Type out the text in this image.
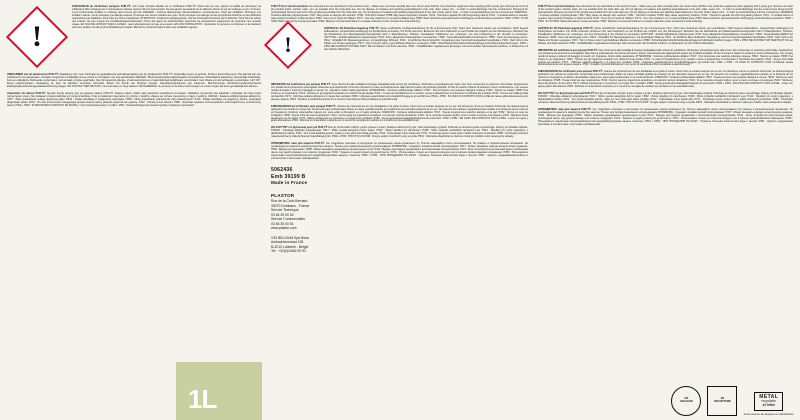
!
DURCISSEUR du vitrificateur parquets PUR-T®. Voir mode d'emploi détaillé sur le vitrificateur PUR-T®. Dans tous les cas, ajouter la totalité du durcisseur au vitrificateur. Bien mélanger les 2 composants et laisser reposer 10 min avant emploi. Ne pas ajouter de solvants ou de diluants. Durée de vie du mélange en pot : 2 heures. Il est recommandé d'utiliser le mélange dans l'heure qui suit. DANGER : Contient diisocyanate d'hexaméthylène, homopolymère. Nocif par inhalation. Provoque une irritation cutanée. Peut provoquer une allergie cutanée. Provoque une sévère irritation des yeux. Peut provoquer une allergie ou des symptômes d'asthme ou des difficultés respiratoires par inhalation. Peut irriter les voies respiratoires. ATTENTION : Contient du polyisocyanate. Voir les informations fournies par le fabricant. Tenir hors de portée des enfants. Ne pas respirer les brouillards/vapeurs/aérosols. Porter des gants de protection/des vêtements de protection/un équipement de protection des yeux/du visage. EN CAS DE CONTACT AVEC LA PEAU : laver abondamment à l'eau et au savon. EN CAS D'INHALATION : transporter la personne à l'extérieur et la maintenir dans une position où elle peut confortablement respiler. Éliminer le contenu/récipient dans une installation agréée.
VERHARDER van de parketvernis PUR-T®. Raadpleeg voor meer informatie de gedetailleerde gebruiksaanwijzing van het parketvernis PUR-T®. Zorgvuldig roeren op gebruik. Product wordt stoleerveer. Het gebruik van een verfpistool is niet aangeraden. Verwijder na gebruik onmiddellijk met een zacht en vervolgens met een oplosmiddel. GEVAAR : Bevat hexamethyleendiisocyanaat, homopolymeer. Schadelijk bij inademing. Veroorzaakt huidirritatie. Kan een allergische huidreactie veroorzaken. Veroorzaakt ernstige oogirritatie. Kan bij inademing allergie- of astmasymptomen of ademhalingsmoeilijkheden veroorzaken. Kan irritatie van de luchtwegen veroorzaken. LET OP : Bevat polyisocyanaten. Raadpleeg de door de fabrikant verstrekte informatie. Buiten het bereik van kinderen houden. Nevel/damp/spuitnevel niet inademen. Beschermende handschoenen/beschermende kleding/oogbescherming/gelaatsbescherming dragen. BIJ CONTACT MET DE HUID : met veel water en zeep wassen. NA INADEMING : de persoon in de frisse lucht brengen en ervoor zorgen dat deze gemakkelijk kan ademen.
Utwardzacz do lakieru PUR-T®. Sposób użycia opisany jest na etykiecie lakieru PUR-T®. Zawsze należy dodać całą zawartość utwardzacza do lakieru. Dokładnie wymieszać oba składniki i odczekać 10 minut przed rozpoczęciem pracy. Nie dodawać rozpuszczalników ani rozcieńczalników. Czas przydatności mieszaniny do użycia: 2 godziny. Zaleca się zużycie mieszaniny w ciągu 1 godziny. UWAGA : Zawiera polidiizocyjanian alifatyczny. H317 : Może powodować reakcję alergiczną skóry. H332 : Działa szkodliwie w następstwie wdychania. H335 : Może powodować podrażnienie dróg oddechowych. H412 : Działa szkodliwie na organizmy wodne, powodując długotrwałe skutki. P101 : W razie konieczności zasięgnięcia porady lekarza należy pokazać pojemnik lub etykietę. P102 : Chronić przed dziećmi. P280 : Stosować rękawice ochronne/odzież ochronną/ochronę oczu/ochronę twarzy. P302 + P352 : W PRZYPADKU KONTAKTU ZE SKÓRĄ : Umyć dużą ilością wody z mydłem. P501 : Zawartość/pojemnik usuwać zgodnie z krajowymi przepisami.
PUR-T® floor varnish hardener. See directions for use described on the section A resin. - Make sure you close carefully after use. Never store half flat. Use protective equipment when applying with a spray gun. Remove as much of the product (paint, varnish, stain, etc.) as possible from the tools after use. Do not dispose of residues and washing water/solvents in the sink, toilet, sewer, bin... in order to avoid discharge into the environment. Reserved for professionals. Remove as much of the product as possible from the tools after use. Do not dispose of residues and washing water/solvents in the sink, bowls, lawns, bins... in order to avoid discharge into the environment. WARNING : Contains aliphatic polyisocyanate. H317: May cause an allergic skin reaction. H332 : Harmful if inhaled. H335: May cause respiratory irritation. H412 : Harmful to aquatic life with long lasting effects. P101 : If medical advice is needed, have product container or label at hand. P102 : Keep out of reach of children. P271 : Use only outdoors or in a well-ventilated area. P280: Wear protective gloves/protective clothing/eye protection/face protection. P302 + P352 : IF ON SKIN: Wash with plenty of soap and water. P501: Dispose of contents/container to a waste collection center (contact the local authority).
!
HÄRTER für 2K-Parkettversiegelung PUR-T®. Siehe ausführliche Gebrauchsanleitung für die A-Komponente Harz. Nach dem Gebrauch wieder gut verschließen. Nicht liegend aufbewahren. Ungeschützte Auftragung mit Spritzpistole vermeiden. Für Profis reserviert. Entfernen Sie nach Gebrauch so viel Produkt wie möglich von den Werkzeugen. Befreiten Sie die Rückstände und Waschwasser/Lösungsmittel nicht in Waschbecken, Toiletten, Kanalisation, Mülltonnen etc. entsorgen, um eine Freisetzung in die Umwelt zu vermeiden. ACHTUNG : Enthält aliphatische polyisocyanat. H317: Kann allergische Hautreaktionen verursachen. H332 : Gesundheitsschädlich bei Einatmen. H335 : Kann die Atemwege reizen. H412 : Schädlich für Wasserorganismen, mit langfristiger Wirkung. P101 : Ist ärztlicher Rat erforderlich, Verpackung oder Kennzeichnungsetikett bereithalten. P102 : Darf nicht in die Hände von Kindern gelangen. P271 : Nur im Freien oder in gut belüfteten Räumen verwenden. P280 : Schutzhandschuhe/Schutzkleidung/Augenschutz/Gesichtsschutz tragen. P302 + P352: BEI KONTAKT MIT DER HAUT: Mit viel Wasser und Seife waschen. P501 : Inhalt/Behälter zugelassenen Entsorger oder kommunaler Sammelstelle zuführen, in Absprache mit den örtlichen Behörden.
INDURENTE del vetrificatore per parquet PUR-T®. Fare riferimento alla modalità di impiego dettagliata sulla resina (A) vetrificante. Richiudere scrupolosamente dopo l'uso. Non conservare in posizione orizzontale. Applicazione con pistola senza protezione sconsigliata. Riservato ai professionisti. Al termine del lavoro, levare meccanicamente dagli utensili quanto più prodotto possibile. Al fine di evitare il rilascio di sostanze nocive nell'ambiente, non versare residui di acqua o solventi di lavaggio in lavelli, wc, fognature, bidoni della spazzatura. ATTENZIONE : Contiene poliisocianato alifatico. H317 : Può provocare una reazione allergica cutanea. H332 : Nocivo se inalato. H335: Può irritare le vie respiratorie. H412 : Nocivo per gli organismi acquatici con effetti di lunga durata. P101 : In caso di consultazione di un medico, tenere a disposizione il contenitore o l'etichetta del prodotto. P102 : Tenere fuori dalla portata dei bambini. P271 : Utilizzare soltanto all'aperto o in luogo ben ventilato. P280 : Indossare guanti/indumenti protettivi/Proteggere gli occhi/il viso. P302 + P352 : IN CASO DI CONTATTO CON LA PELLE: lavare abbondantemente con acqua e sapone. P501 : Smaltire il prodotto/recipiente in un centro di raccolta dei rifiuti (contattare le autorità locali).
ENDURECEDOR del vitrificador para parquet PUR-T®. Véanse las instrucciones de uso detalladas en la parte A resina. Cierre bien el envase después de su uso. No almacene nunca en posición horizontal. Se desaconseja la aplicación con pistola sin protección. Reservado para profesionales. Retire la mayor cantidad posible de producto de los utensilios después de su uso. No deseche los residuos, agua/disolventes usados en la limpieza de los mismos en fregaderos, inodoros, alcantarillas, basura etc. para evitar su liberación en el medio ambiente. ATENCIÓN : Contiene poliisocianato alifático. H317 : Puede provocar una reacción alérgica en la piel. H332 : Nocivo en caso de inhalación. H335 : Puede irritar las vías respiratorias. H412 : Nocivo para los organismos acuáticos, con efectos nocivos duraderos. P101 : Si se necesita consejo médico, tener a mano el envase o la etiqueta. P102 : Mantener fuera del alcance de los niños. P271: Utilizar únicamente en exteriores o en lugar bien ventilado. P280 : Llevar guantes/prendas/gafas/máscara de protección. P302 + P352 : EN CASO DE CONTACTO CON LA PIEL : Lavar con agua y jabón abundantes. P501 : Eliminar el contenido/el recipiente en un centro de recogida de residuos (en contacto con la autoridad local).
ZKLYHPYTNÝ roz (kyrwzoué) epox pul PUR-T® Duo ZL /omtinuzátc cchlyizt; gotinu yzkuas o prujsn, Kladinis vokid avzt lyi pytu, Váš intelektuálne výrobok. Pulizzate po ukončení práce nepoužívajte. Pokyny pro likvidaci odpadu. POZOR : Obsahuje alifatický polyisokyanát. H317 : Může vyvolat alergickou kožní reakci. H332 : Zdraví škodlivý při vdechování. H335 : Může způsobit podráždění dýchacích cest. H412 : Škodlivý pro vodní organismy, s dlouhodobými účinky. P101 : Je-li nutná lékařská pomoc, mějte po ruce obal nebo štítek výrobku. P102 : Uchovávejte mimo dosah dětí. P271 : Používejte pouze venku nebo v dobře větraných prostorách. P280 : Používejte ochranné rukavice/ochranný oděv/ochranné brýle/obličejový štít. P302 + P352 : PŘI STYKU S KŮŽÍ : Omyjte velkým množstvím vody a mýdla. P501 : Odstraňte obsah/obal ve sběrném místě pro zvláštní nebo nebezpečné odpady.
ОТВЕРДИТЕЛЬ лака для паркета PUR-T®. См. подробное описание в инструкции по применению смолы (компонент А). Плотно закрывайте после использования. Не хранить в горизонтальном положении. Не рекомендуется наносить краскопультом без защиты. Только для профессионального использования. ВНИМАНИЕ : Содержит алифатический полиизоцианат. H317 : Может вызывать кожную аллергическую реакцию. H332 : Вреден при вдыхании. H335 : Может вызывать раздражение дыхательных путей. H412 : Вреден для водных организмов с долгосрочными последствиями. P101 : Если потребуется консультация врача, необходимо иметь под рукой упаковку или этикетку продукции. P102 : Хранить в недоступном для детей месте. P271 : Использовать только на открытом воздухе или в хорошо проветриваемом помещении. P280 : Пользоваться защитными перчатками/защитной одеждой/средствами защиты глаз/лица. P302 + P352 : ПРИ ПОПАДАНИИ НА КОЖУ : Промыть большим количеством воды с мылом. P501 : Удалить содержимое/контейнер в соответствии с местными требованиями.
5062436
Emb 39199 B
Made in France
PLASTOR
Rue de la Croix Bernard
39270 Dombans - France
Service Technique
03 84 35 00 50
Service Commerciales
03 84 35 00 51
www.plastor.com
V33 BELGIUM Sprl Bvba
Ambachtenstraat 11B
B-3210 Lubbeek - België
Tel : +32(0)16/62.92.92
PUR-T® floor varnish hardener. See directions for use described on the section A resin. - Make sure you close carefully after use. Never store half flat. Use protective equipment when applying with a spray gun. Remove as much of the product (paint, varnish, stain, etc.) as possible from the tools after use. Do not dispose of residues and washing water/solvents in the sink, toilet, sewer, bin... in order to avoid discharge into the environment. Reserved for professionals. Remove as much of the product as possible from the tools after use. Do not dispose of residues and washing water/solvents in the sink, bowls, lawns, bins... in order to avoid discharge into the environment. WARNING : Contains aliphatic polyisocyanate. H317: May cause an allergic skin reaction. H332 : Harmful if inhaled. H335: May cause respiratory irritation. H412 : Harmful to aquatic life with long lasting effects. P101 : If medical advice is needed, have product container or label at hand. P102 : Keep out of reach of children. P271 : Use only outdoors or in a well-ventilated area. P280: Wear protective gloves/protective clothing/eye protection/face protection. P302 + P352 : IF ON SKIN: Wash with plenty of soap and water. P501: Dispose of contents/container to a waste collection center (contact the local authority).
HÄRTER für 2K-Parkettversiegelung PUR-T®. Siehe ausführliche Gebrauchsanleitung für die A-Komponente Harz. Nach dem Gebrauch wieder gut verschließen. Nicht liegend aufbewahren. Ungeschützte Auftragung mit Spritzpistole vermeiden. Für Profis reserviert. Entfernen Sie nach Gebrauch so viel Produkt wie möglich von den Werkzeugen. Befreiten Sie die Rückstände und Waschwasser/Lösungsmittel nicht in Waschbecken, Toiletten, Kanalisation, Mülltonnen etc. entsorgen, um eine Freisetzung in die Umwelt zu vermeiden. ACHTUNG : Enthält aliphatische polyisocyanat. H317: Kann allergische Hautreaktionen verursachen. H332 : Gesundheitsschädlich bei Einatmen. H335 : Kann die Atemwege reizen. H412 : Schädlich für Wasserorganismen, mit langfristiger Wirkung. P101 : Ist ärztlicher Rat erforderlich, Verpackung oder Kennzeichnungsetikett bereithalten. P102 : Darf nicht in die Hände von Kindern gelangen. P271 : Nur im Freien oder in gut belüfteten Räumen verwenden. P280 : Schutzhandschuhe/Schutzkleidung/Augenschutz/Gesichtsschutz tragen. P302 + P352: BEI KONTAKT MIT DER HAUT: Mit viel Wasser und Seife waschen. P501 : Inhalt/Behälter zugelassenen Entsorger oder kommunaler Sammelstelle zuführen, in Absprache mit den örtlichen Behörden.
INDURENTE del vetrificatore per parquet PUR-T®. Fare riferimento alla modalità di impiego dettagliata sulla resina (A) vetrificante. Richiudere scrupolosamente dopo l'uso. Non conservare in posizione orizzontale. Applicazione con pistola senza protezione sconsigliata. Riservato ai professionisti. Al termine del lavoro, levare meccanicamente dagli utensili quanto più prodotto possibile. Al fine di evitare il rilascio di sostanze nocive nell'ambiente, non versare residui di acqua o solventi di lavaggio in lavelli, wc, fognature, bidoni della spazzatura. ATTENZIONE : Contiene poliisocianato alifatico. H317 : Può provocare una reazione allergica cutanea. H332 : Nocivo se inalato. H335: Può irritare le vie respiratorie. H412 : Nocivo per gli organismi acquatici con effetti di lunga durata. P101 : In caso di consultazione di un medico, tenere a disposizione il contenitore o l'etichetta del prodotto. P102 : Tenere fuori dalla portata dei bambini. P271 : Utilizzare soltanto all'aperto o in luogo ben ventilato. P280 : Indossare guanti/indumenti protettivi/Proteggere gli occhi/il viso. P302 + P352 : IN CASO DI CONTATTO CON LA PELLE: lavare abbondantemente con acqua e sapone. P501 : Smaltire il prodotto/recipiente in un centro di raccolta dei rifiuti (contattare le autorità locali).
ENDURECEDOR del vitrificador para parquet PUR-T®. Véanse las instrucciones de uso detalladas en la parte A resina. Cierre bien el envase después de su uso. No almacene nunca en posición horizontal. Se desaconseja la aplicación con pistola sin protección. Reservado para profesionales. Retire la mayor cantidad posible de producto de los utensilios después de su uso. No deseche los residuos, agua/disolventes usados en la limpieza de los mismos en fregaderos, inodoros, alcantarillas, basura etc. para evitar su liberación en el medio ambiente. ATENCIÓN : Contiene poliisocianato alifático. H317 : Puede provocar una reacción alérgica en la piel. H332 : Nocivo en caso de inhalación. H335 : Puede irritar las vías respiratorias. H412 : Nocivo para los organismos acuáticos, con efectos nocivos duraderos. P101 : Si se necesita consejo médico, tener a mano el envase o la etiqueta. P102 : Mantener fuera del alcance de los niños. P271: Utilizar únicamente en exteriores o en lugar bien ventilado. P280 : Llevar guantes/prendas/gafas/máscara de protección. P302 + P352 : EN CASO DE CONTACTO CON LA PIEL : Lavar con agua y jabón abundantes. P501 : Eliminar el contenido/el recipiente en un centro de recogida de residuos (en contacto con la autoridad local).
ZKLYHPYTNÝ roz (kyrwzoué) epox pul PUR-T® Duo ZL /omtinuzátc cchlyizt; gotinu yzkuas o prujsn, Kladinis vokid avzt lyi pytu, Váš intelektuálne výrobok. Pulizzate po ukončení práce nepoužívajte. Pokyny pro likvidaci odpadu. POZOR : Obsahuje alifatický polyisokyanát. H317 : Může vyvolat alergickou kožní reakci. H332 : Zdraví škodlivý při vdechování. H335 : Může způsobit podráždění dýchacích cest. H412 : Škodlivý pro vodní organismy, s dlouhodobými účinky. P101 : Je-li nutná lékařská pomoc, mějte po ruce obal nebo štítek výrobku. P102 : Uchovávejte mimo dosah dětí. P271 : Používejte pouze venku nebo v dobře větraných prostorách. P280 : Používejte ochranné rukavice/ochranný oděv/ochranné brýle/obličejový štít. P302 + P352 : PŘI STYKU S KŮŽÍ : Omyjte velkým množstvím vody a mýdla. P501 : Odstraňte obsah/obal ve sběrném místě pro zvláštní nebo nebezpečné odpady.
ОТВЕРДИТЕЛЬ лака для паркета PUR-T®. См. подробное описание в инструкции по применению смолы (компонент А). Плотно закрывайте после использования. Не хранить в горизонтальном положении. Не рекомендуется наносить краскопультом без защиты. Только для профессионального использования. ВНИМАНИЕ : Содержит алифатический полиизоцианат. H317 : Может вызывать кожную аллергическую реакцию. H332 : Вреден при вдыхании. H335 : Может вызывать раздражение дыхательных путей. H412 : Вреден для водных организмов с долгосрочными последствиями. P101 : Если потребуется консультация врача, необходимо иметь под рукой упаковку или этикетку продукции. P102 : Хранить в недоступном для детей месте. P271 : Использовать только на открытом воздухе или в хорошо проветриваемом помещении. P280 : Пользоваться защитными перчатками/защитной одеждой/средствами защиты глаз/лица. P302 + P352 : ПРИ ПОПАДАНИИ НА КОЖУ : Промыть большим количеством воды с мылом. P501 : Удалить содержимое/контейнер в соответствии с местными требованиями.
1L	EN
MAGASIN
EN
DÉCHETTERIE
METAL
recyclable
à l'infini
Sous réserve de déposer en déchetterie.
